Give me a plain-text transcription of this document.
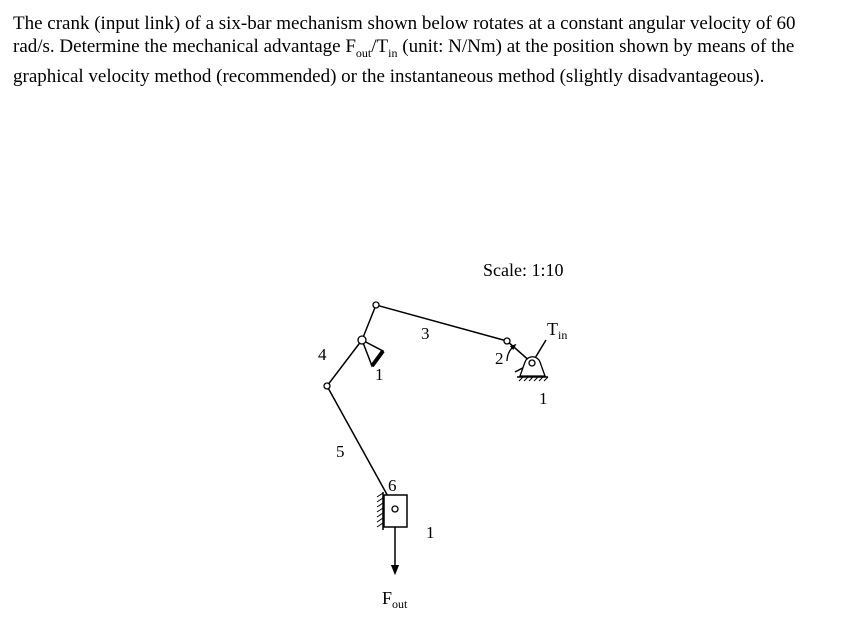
The crank (input link) of a six-bar mechanism shown below rotates at a constant angular velocity of 60
rad/s. Determine the mechanical advantage $F_{out}/T_{in}$ (unit: N/Nm) at the position shown by means of the
graphical velocity method (recommended) or the instantaneous method (slightly disadvantageous).
Scale: 1:10
3
4
5
1
2
1
$T_{in}$
6
1
$F_{out}$
